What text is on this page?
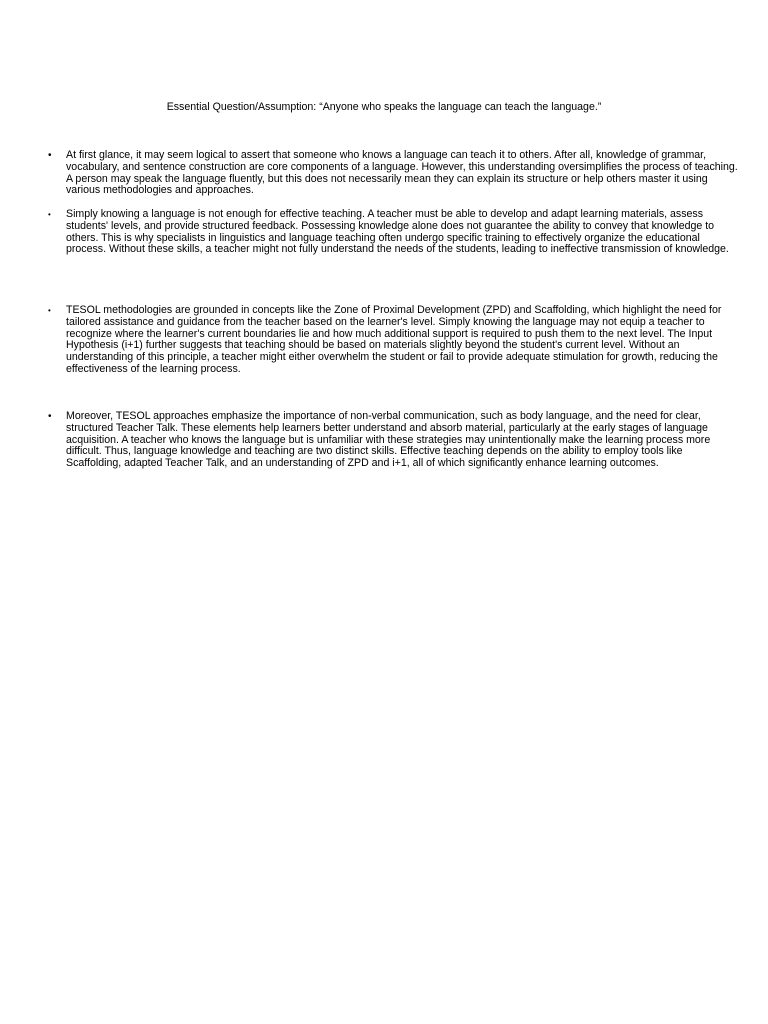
Essential Question/Assumption: “Anyone who speaks the language can teach the language.”

•	At first glance, it may seem logical to assert that someone who knows a language can teach it to others. After all, knowledge of grammar, vocabulary, and sentence construction are core components of a language. However, this understanding oversimplifies the process of teaching. A person may speak the language fluently, but this does not necessarily mean they can explain its structure or help others master it using various methodologies and approaches.
•	Simply knowing a language is not enough for effective teaching. A teacher must be able to develop and adapt learning materials, assess students' levels, and provide structured feedback. Possessing knowledge alone does not guarantee the ability to convey that knowledge to others. This is why specialists in linguistics and language teaching often undergo specific training to effectively organize the educational process. Without these skills, a teacher might not fully understand the needs of the students, leading to ineffective transmission of knowledge.
•	TESOL methodologies are grounded in concepts like the Zone of Proximal Development (ZPD) and Scaffolding, which highlight the need for tailored assistance and guidance from the teacher based on the learner's level. Simply knowing the language may not equip a teacher to recognize where the learner's current boundaries lie and how much additional support is required to push them to the next level. The Input Hypothesis (i+1) further suggests that teaching should be based on materials slightly beyond the student's current level. Without an understanding of this principle, a teacher might either overwhelm the student or fail to provide adequate stimulation for growth, reducing the effectiveness of the learning process.
•	Moreover, TESOL approaches emphasize the importance of non-verbal communication, such as body language, and the need for clear, structured Teacher Talk. These elements help learners better understand and absorb material, particularly at the early stages of language acquisition. A teacher who knows the language but is unfamiliar with these strategies may unintentionally make the learning process more difficult. Thus, language knowledge and teaching are two distinct skills. Effective teaching depends on the ability to employ tools like Scaffolding, adapted Teacher Talk, and an understanding of ZPD and i+1, all of which significantly enhance learning outcomes.
